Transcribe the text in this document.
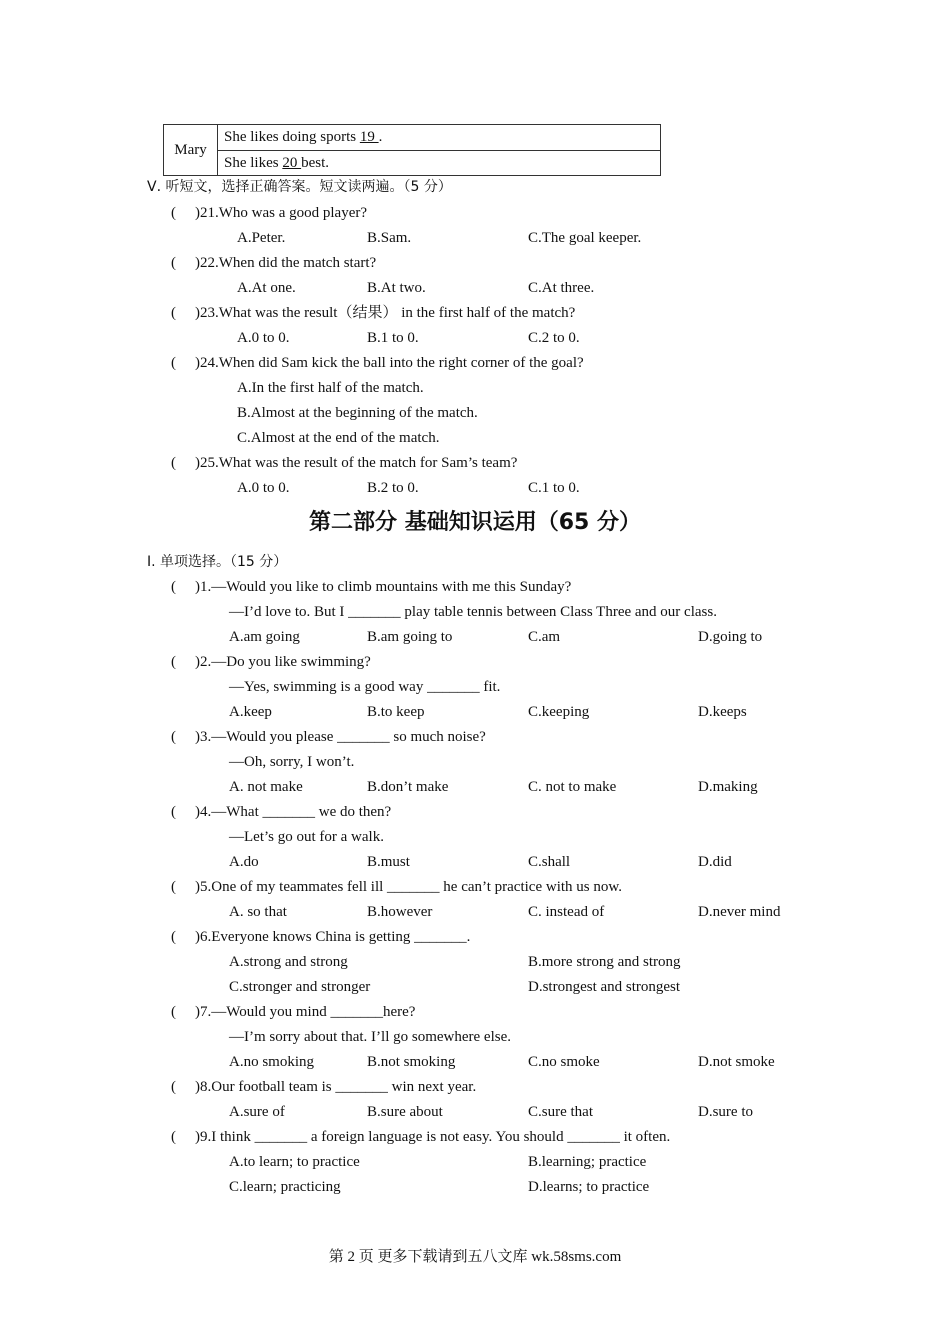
Mary	She likes doing sports 19 .
She likes 20 best.
Ⅴ. 听短文，选择正确答案。短文读两遍。（5 分）
( )21.Who was a good player?
A.Peter.	B.Sam.	C.The goal keeper.
( )22.When did the match start?
A.At one.	B.At two.	C.At three.
( )23.What was the result（结果） in the first half of the match?
A.0 to 0.	B.1 to 0.	C.2 to 0.
( )24.When did Sam kick the ball into the right corner of the goal?
A.In the first half of the match.
B.Almost at the beginning of the match.
C.Almost at the end of the match.
( )25.What was the result of the match for Sam’s team?
A.0 to 0.	B.2 to 0.	C.1 to 0.
第二部分 基础知识运用（65 分）
Ⅰ. 单项选择。（15 分）
( )1.—Would you like to climb mountains with me this Sunday?
—I’d love to. But I _______ play table tennis between Class Three and our class.
A.am going	B.am going to	C.am	D.going to
( )2.—Do you like swimming?
—Yes, swimming is a good way _______ fit.
A.keep	B.to keep	C.keeping	D.keeps
( )3.—Would you please _______ so much noise?
—Oh, sorry, I won’t.
A. not make	B.don’t make	C. not to make	D.making
( )4.—What _______ we do then?
—Let’s go out for a walk.
A.do	B.must	C.shall	D.did
( )5.One of my teammates fell ill _______ he can’t practice with us now.
A. so that	B.however	C. instead of	D.never mind
( )6.Everyone knows China is getting _______.
A.strong and strong	B.more strong and strong
C.stronger and stronger	D.strongest and strongest
( )7.—Would you mind _______here?
—I’m sorry about that. I’ll go somewhere else.
A.no smoking	B.not smoking	C.no smoke	D.not smoke
( )8.Our football team is _______ win next year.
A.sure of	B.sure about	C.sure that	D.sure to
( )9.I think _______ a foreign language is not easy. You should _______ it often.
A.to learn; to practice	B.learning; practice
C.learn; practicing	D.learns; to practice
第 2 页 更多下载请到五八文库 wk.58sms.com
